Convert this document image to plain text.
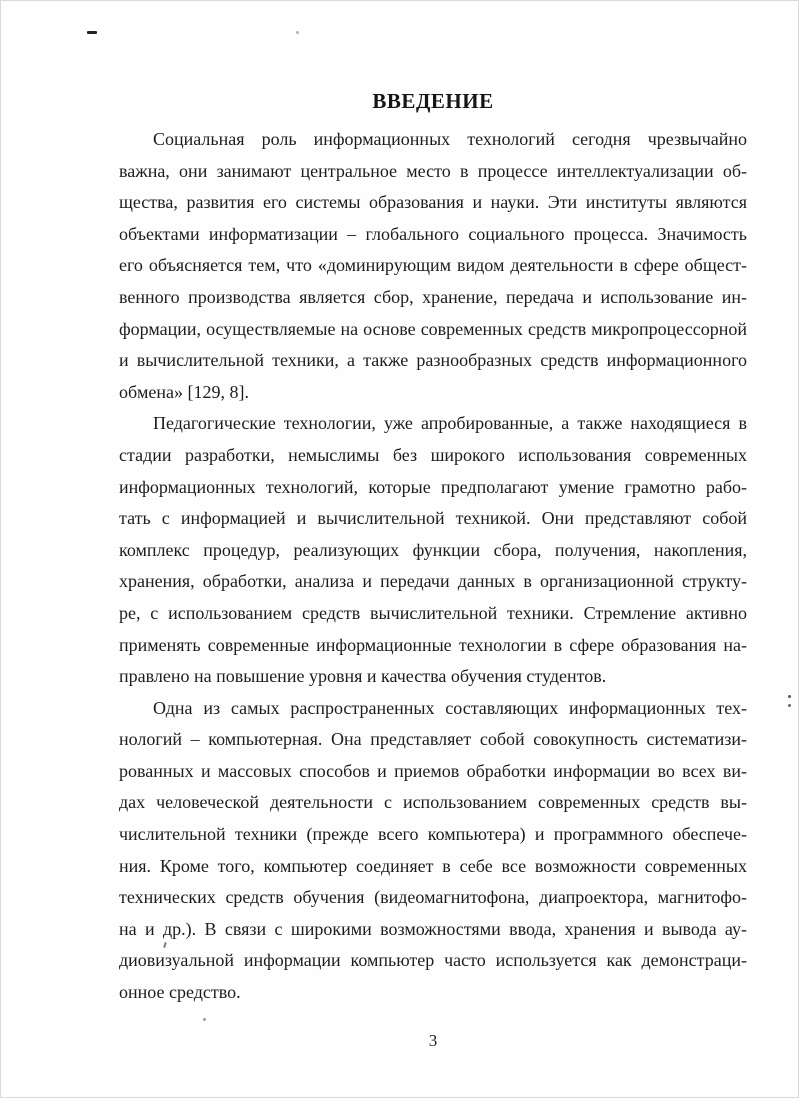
ВВЕДЕНИЕ
Социальная роль информационных технологий сегодня чрезвычайно
важна, они занимают центральное место в процессе интеллектуализации об-
щества, развития его системы образования и науки. Эти институты являются
объектами информатизации – глобального социального процесса. Значимость
его объясняется тем, что «доминирующим видом деятельности в сфере общест-
венного производства является сбор, хранение, передача и использование ин-
формации, осуществляемые на основе современных средств микропроцессорной
и вычислительной техники, а также разнообразных средств информационного
обмена» [129, 8].
Педагогические технологии, уже апробированные, а также находящиеся в
стадии разработки, немыслимы без широкого использования современных
информационных технологий, которые предполагают умение грамотно рабо-
тать с информацией и вычислительной техникой. Они представляют собой
комплекс процедур, реализующих функции сбора, получения, накопления,
хранения, обработки, анализа и передачи данных в организационной структу-
ре, с использованием средств вычислительной техники. Стремление активно
применять современные информационные технологии в сфере образования на-
правлено на повышение уровня и качества обучения студентов.
Одна из самых распространенных составляющих информационных тех-
нологий – компьютерная. Она представляет собой совокупность систематизи-
рованных и массовых способов и приемов обработки информации во всех ви-
дах человеческой деятельности с использованием современных средств вы-
числительной техники (прежде всего компьютера) и программного обеспече-
ния. Кроме того, компьютер соединяет в себе все возможности современных
технических средств обучения (видеомагнитофона, диапроектора, магнитофо-
на и др.). В связи с широкими возможностями ввода, хранения и вывода ау-
диовизуальной информации компьютер часто используется как демонстраци-
онное средство.
3
